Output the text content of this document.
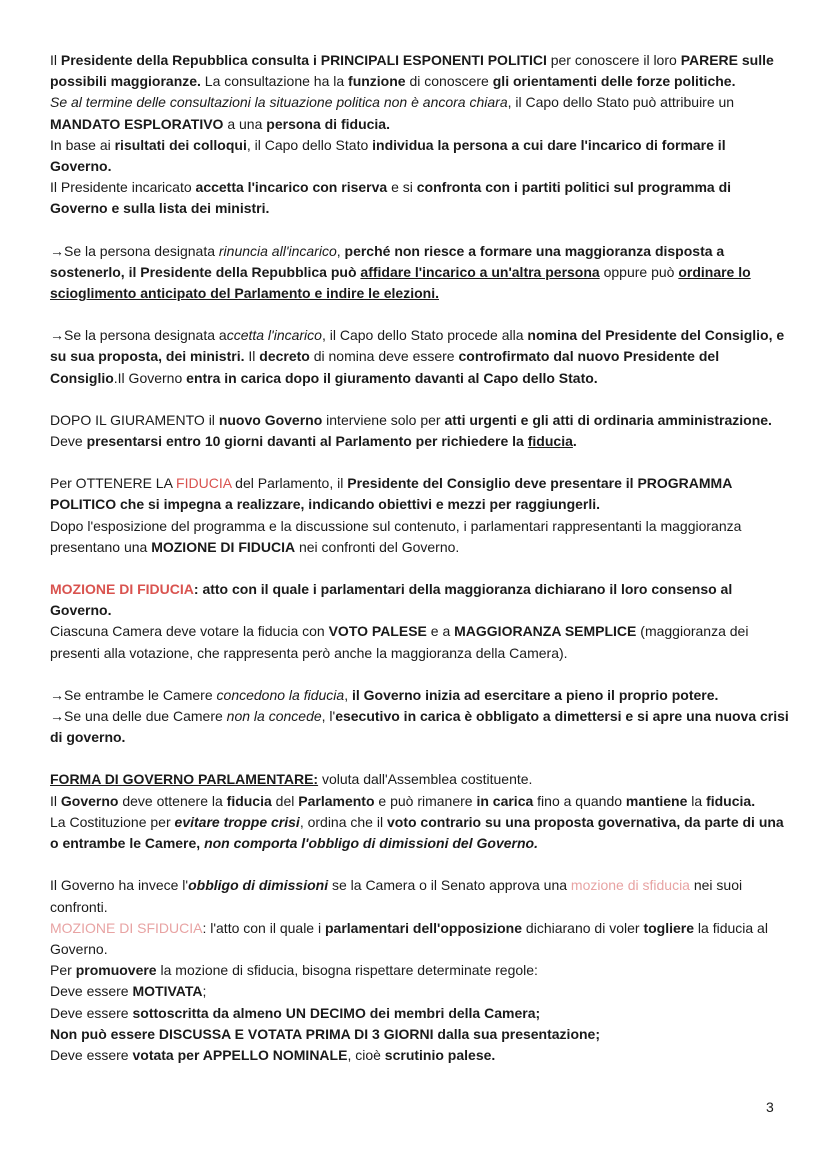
Il Presidente della Repubblica consulta i PRINCIPALI ESPONENTI POLITICI per conoscere il loro PARERE sulle possibili maggioranze. La consultazione ha la funzione di conoscere gli orientamenti delle forze politiche.

Se al termine delle consultazioni la situazione politica non è ancora chiara, il Capo dello Stato può attribuire un MANDATO ESPLORATIVO a una persona di fiducia.

In base ai risultati dei colloqui, il Capo dello Stato individua la persona a cui dare l'incarico di formare il Governo.

Il Presidente incaricato accetta l'incarico con riserva e si confronta con i partiti politici sul programma di Governo e sulla lista dei ministri.

→Se la persona designata rinuncia all'incarico, perché non riesce a formare una maggioranza disposta a sostenerlo, il Presidente della Repubblica può affidare l'incarico a un'altra persona oppure può ordinare lo scioglimento anticipato del Parlamento e indire le elezioni.

→Se la persona designata accetta l'incarico, il Capo dello Stato procede alla nomina del Presidente del Consiglio, e su sua proposta, dei ministri. Il decreto di nomina deve essere controfirmato dal nuovo Presidente del Consiglio.Il Governo entra in carica dopo il giuramento davanti al Capo dello Stato.

DOPO IL GIURAMENTO il nuovo Governo interviene solo per atti urgenti e gli atti di ordinaria amministrazione. Deve presentarsi entro 10 giorni davanti al Parlamento per richiedere la fiducia.

Per OTTENERE LA FIDUCIA del Parlamento, il Presidente del Consiglio deve presentare il PROGRAMMA POLITICO che si impegna a realizzare, indicando obiettivi e mezzi per raggiungerli.

Dopo l'esposizione del programma e la discussione sul contenuto, i parlamentari rappresentanti la maggioranza presentano una MOZIONE DI FIDUCIA nei confronti del Governo.

MOZIONE DI FIDUCIA: atto con il quale i parlamentari della maggioranza dichiarano il loro consenso al Governo.

Ciascuna Camera deve votare la fiducia con VOTO PALESE e a MAGGIORANZA SEMPLICE (maggioranza dei presenti alla votazione, che rappresenta però anche la maggioranza della Camera).

→Se entrambe le Camere concedono la fiducia, il Governo inizia ad esercitare a pieno il proprio potere.

→Se una delle due Camere non la concede, l'esecutivo in carica è obbligato a dimettersi e si apre una nuova crisi di governo.

FORMA DI GOVERNO PARLAMENTARE: voluta dall'Assemblea costituente.

Il Governo deve ottenere la fiducia del Parlamento e può rimanere in carica fino a quando mantiene la fiducia.

La Costituzione per evitare troppe crisi, ordina che il voto contrario su una proposta governativa, da parte di una o entrambe le Camere, non comporta l'obbligo di dimissioni del Governo.

Il Governo ha invece l'obbligo di dimissioni se la Camera o il Senato approva una mozione di sfiducia nei suoi confronti.

MOZIONE DI SFIDUCIA: l'atto con il quale i parlamentari dell'opposizione dichiarano di voler togliere la fiducia al Governo.

Per promuovere la mozione di sfiducia, bisogna rispettare determinate regole:

Deve essere MOTIVATA;

Deve essere sottoscritta da almeno UN DECIMO dei membri della Camera;

Non può essere DISCUSSA E VOTATA PRIMA DI 3 GIORNI dalla sua presentazione;

Deve essere votata per APPELLO NOMINALE, cioè scrutinio palese.

3
